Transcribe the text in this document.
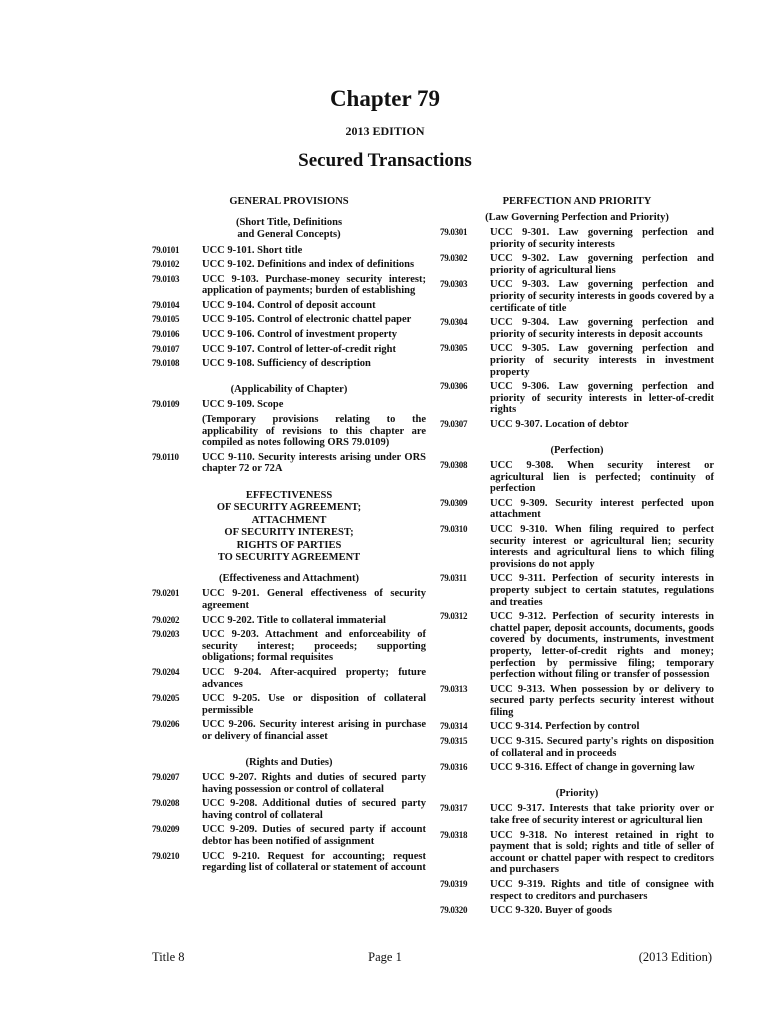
Chapter 79
2013 EDITION
Secured Transactions
GENERAL PROVISIONS
(Short Title, Definitions
and General Concepts)
79.0101	UCC 9-101. Short title
79.0102	UCC 9-102. Definitions and index of definitions
79.0103	UCC 9-103. Purchase-money security interest; application of payments; burden of establishing
79.0104	UCC 9-104. Control of deposit account
79.0105	UCC 9-105. Control of electronic chattel paper
79.0106	UCC 9-106. Control of investment property
79.0107	UCC 9-107. Control of letter-of-credit right
79.0108	UCC 9-108. Sufficiency of description
(Applicability of Chapter)
79.0109	UCC 9-109. Scope
(Temporary provisions relating to the applicability of revisions to this chapter are compiled as notes following ORS 79.0109)
79.0110	UCC 9-110. Security interests arising under ORS chapter 72 or 72A
EFFECTIVENESS
OF SECURITY AGREEMENT;
ATTACHMENT
OF SECURITY INTEREST;
RIGHTS OF PARTIES
TO SECURITY AGREEMENT
(Effectiveness and Attachment)
79.0201	UCC 9-201. General effectiveness of security agreement
79.0202	UCC 9-202. Title to collateral immaterial
79.0203	UCC 9-203. Attachment and enforceability of security interest; proceeds; supporting obligations; formal requisites
79.0204	UCC 9-204. After-acquired property; future advances
79.0205	UCC 9-205. Use or disposition of collateral permissible
79.0206	UCC 9-206. Security interest arising in purchase or delivery of financial asset
(Rights and Duties)
79.0207	UCC 9-207. Rights and duties of secured party having possession or control of collateral
79.0208	UCC 9-208. Additional duties of secured party having control of collateral
79.0209	UCC 9-209. Duties of secured party if account debtor has been notified of assignment
79.0210	UCC 9-210. Request for accounting; request regarding list of collateral or statement of account
PERFECTION AND PRIORITY
(Law Governing Perfection and Priority)
79.0301	UCC 9-301. Law governing perfection and priority of security interests
79.0302	UCC 9-302. Law governing perfection and priority of agricultural liens
79.0303	UCC 9-303. Law governing perfection and priority of security interests in goods covered by a certificate of title
79.0304	UCC 9-304. Law governing perfection and priority of security interests in deposit accounts
79.0305	UCC 9-305. Law governing perfection and priority of security interests in investment property
79.0306	UCC 9-306. Law governing perfection and priority of security interests in letter-of-credit rights
79.0307	UCC 9-307. Location of debtor
(Perfection)
79.0308	UCC 9-308. When security interest or agricultural lien is perfected; continuity of perfection
79.0309	UCC 9-309. Security interest perfected upon attachment
79.0310	UCC 9-310. When filing required to perfect security interest or agricultural lien; security interests and agricultural liens to which filing provisions do not apply
79.0311	UCC 9-311. Perfection of security interests in property subject to certain statutes, regulations and treaties
79.0312	UCC 9-312. Perfection of security interests in chattel paper, deposit accounts, documents, goods covered by documents, instruments, investment property, letter-of-credit rights and money; perfection by permissive filing; temporary perfection without filing or transfer of possession
79.0313	UCC 9-313. When possession by or delivery to secured party perfects security interest without filing
79.0314	UCC 9-314. Perfection by control
79.0315	UCC 9-315. Secured party's rights on disposition of collateral and in proceeds
79.0316	UCC 9-316. Effect of change in governing law
(Priority)
79.0317	UCC 9-317. Interests that take priority over or take free of security interest or agricultural lien
79.0318	UCC 9-318. No interest retained in right to payment that is sold; rights and title of seller of account or chattel paper with respect to creditors and purchasers
79.0319	UCC 9-319. Rights and title of consignee with respect to creditors and purchasers
79.0320	UCC 9-320. Buyer of goods
Title 8	Page 1	(2013 Edition)
